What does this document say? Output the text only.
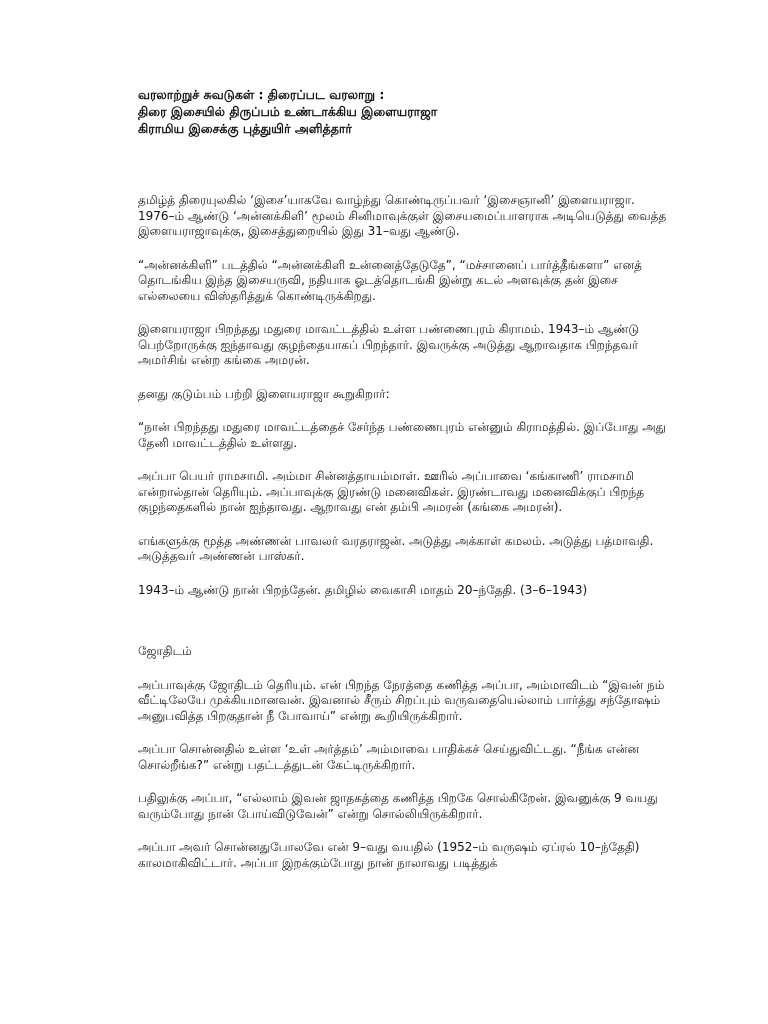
வரலாற்றுச் சுவடுகள் : திரைப்பட வரலாறு :

திரை இசையில் திருப்பம் உண்டாக்கிய இளையராஜா

கிராமிய இசைக்கு புத்துயிர் அளித்தார்

தமிழ்த் திரையுலகில் ‘இசை’யாகவே வாழ்ந்து கொண்டிருப்பவர் ‘இசைஞானி’ இளையராஜா. 1976–ம் ஆண்டு ‘அன்னக்கிளி’ மூலம் சினிமாவுக்குள் இசையமைப்பாளராக அடியெடுத்து வைத்த இளையராஜாவுக்கு, இசைத்துறையில் இது 31–வது ஆண்டு.

“அன்னக்கிளி” படத்தில் “அன்னக்கிளி உன்னைத்தேடுதே”, “மச்சானைப் பார்த்தீங்களா” எனத் தொடங்கிய இந்த இசையருவி, நதியாக ஓடத்தொடங்கி இன்று கடல் அளவுக்கு தன் இசை எல்லையை விஸ்தரித்துக் கொண்டிருக்கிறது.

இளையராஜா பிறந்தது மதுரை மாவட்டத்தில் உள்ள பண்ணைபுரம் கிராமம். 1943–ம் ஆண்டு பெற்றோருக்கு ஐந்தாவது குழந்தையாகப் பிறந்தார். இவருக்கு அடுத்து ஆறாவதாக பிறந்தவர் அமர்சிங் என்ற கங்கை அமரன்.

தனது குடும்பம் பற்றி இளையராஜா கூறுகிறார்:

“நான் பிறந்தது மதுரை மாவட்டத்தைச் சேர்ந்த பண்ணைபுரம் என்னும் கிராமத்தில். இப்போது அது தேனி மாவட்டத்தில் உள்ளது.

அப்பா பெயர் ராமசாமி. அம்மா சின்னத்தாயம்மாள். ஊரில் அப்பாவை ‘கங்காணி’ ராமசாமி என்றால்தான் தெரியும். அப்பாவுக்கு இரண்டு மனைவிகள். இரண்டாவது மனைவிக்குப் பிறந்த குழந்தைகளில் நான் ஐந்தாவது. ஆறாவது என் தம்பி அமரன் (கங்கை அமரன்).

எங்களுக்கு மூத்த அண்ணன் பாவலர் வரதராஜன். அடுத்து அக்காள் கமலம். அடுத்து பத்மாவதி. அடுத்தவர் அண்ணன் பாஸ்கர்.

1943–ம் ஆண்டு நான் பிறந்தேன். தமிழில் வைகாசி மாதம் 20–ந்தேதி. (3–6–1943)

ஜோதிடம்

அப்பாவுக்கு ஜோதிடம் தெரியும். என் பிறந்த நேரத்தை கணித்த அப்பா, அம்மாவிடம் “இவன் நம் வீட்டிலேயே முக்கியமானவன். இவனால் சீரும் சிறப்பும் வருவதையெல்லாம் பார்த்து சந்தோஷம் அனுபவித்த பிறகுதான் நீ போவாய்” என்று கூறியிருக்கிறார்.

அப்பா சொன்னதில் உள்ள ‘உள் அர்த்தம்’ அம்மாவை பாதிக்கச் செய்துவிட்டது. “நீங்க என்ன சொல்றீங்க?” என்று பதட்டத்துடன் கேட்டிருக்கிறார்.

பதிலுக்கு அப்பா, “எல்லாம் இவன் ஜாதகத்தை கணித்த பிறகே சொல்கிறேன். இவனுக்கு 9 வயது வரும்போது நான் போய்விடுவேன்” என்று சொல்லியிருக்கிறார்.

அப்பா அவர் சொன்னதுபோலவே என் 9–வது வயதில் (1952–ம் வருஷம் ஏப்ரல் 10–ந்தேதி) காலமாகிவிட்டார். அப்பா இறக்கும்போது நான் நாலாவது படித்துக்
